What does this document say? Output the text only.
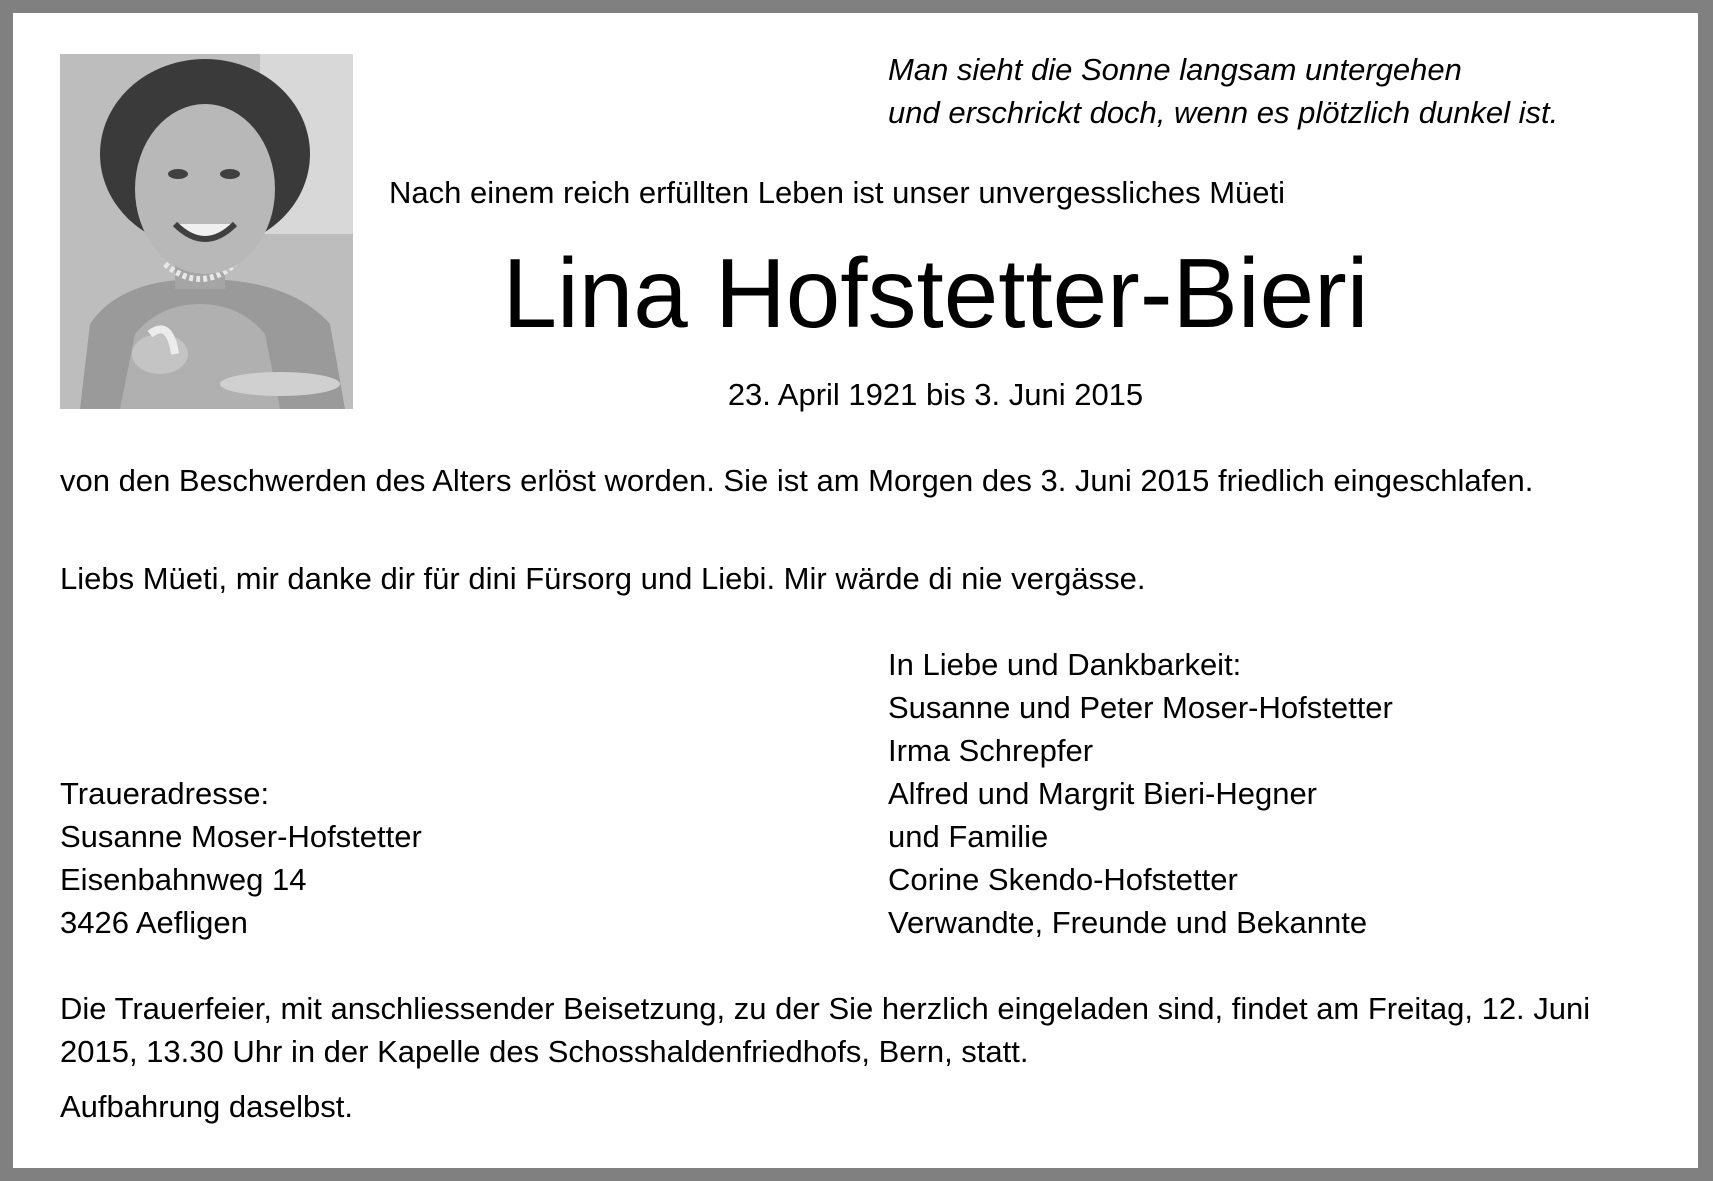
Man sieht die Sonne langsam untergehen
und erschrickt doch, wenn es plötzlich dunkel ist.
Nach einem reich erfüllten Leben ist unser unvergessliches Müeti
Lina Hofstetter-Bieri
23. April 1921 bis 3. Juni 2015
von den Beschwerden des Alters erlöst worden. Sie ist am Morgen des 3. Juni 2015 friedlich eingeschlafen.
Liebs Müeti, mir danke dir für dini Fürsorg und Liebi. Mir wärde di nie vergässe.
In Liebe und Dankbarkeit:
Susanne und Peter Moser-Hofstetter
Irma Schrepfer
Alfred und Margrit Bieri-Hegner
und Familie
Corine Skendo-Hofstetter
Verwandte, Freunde und Bekannte
Traueradresse:
Susanne Moser-Hofstetter
Eisenbahnweg 14
3426 Aefligen
Die Trauerfeier, mit anschliessender Beisetzung, zu der Sie herzlich eingeladen sind, findet am Freitag, 12. Juni 2015, 13.30 Uhr in der Kapelle des Schosshaldenfriedhofs, Bern, statt.
Aufbahrung daselbst.
